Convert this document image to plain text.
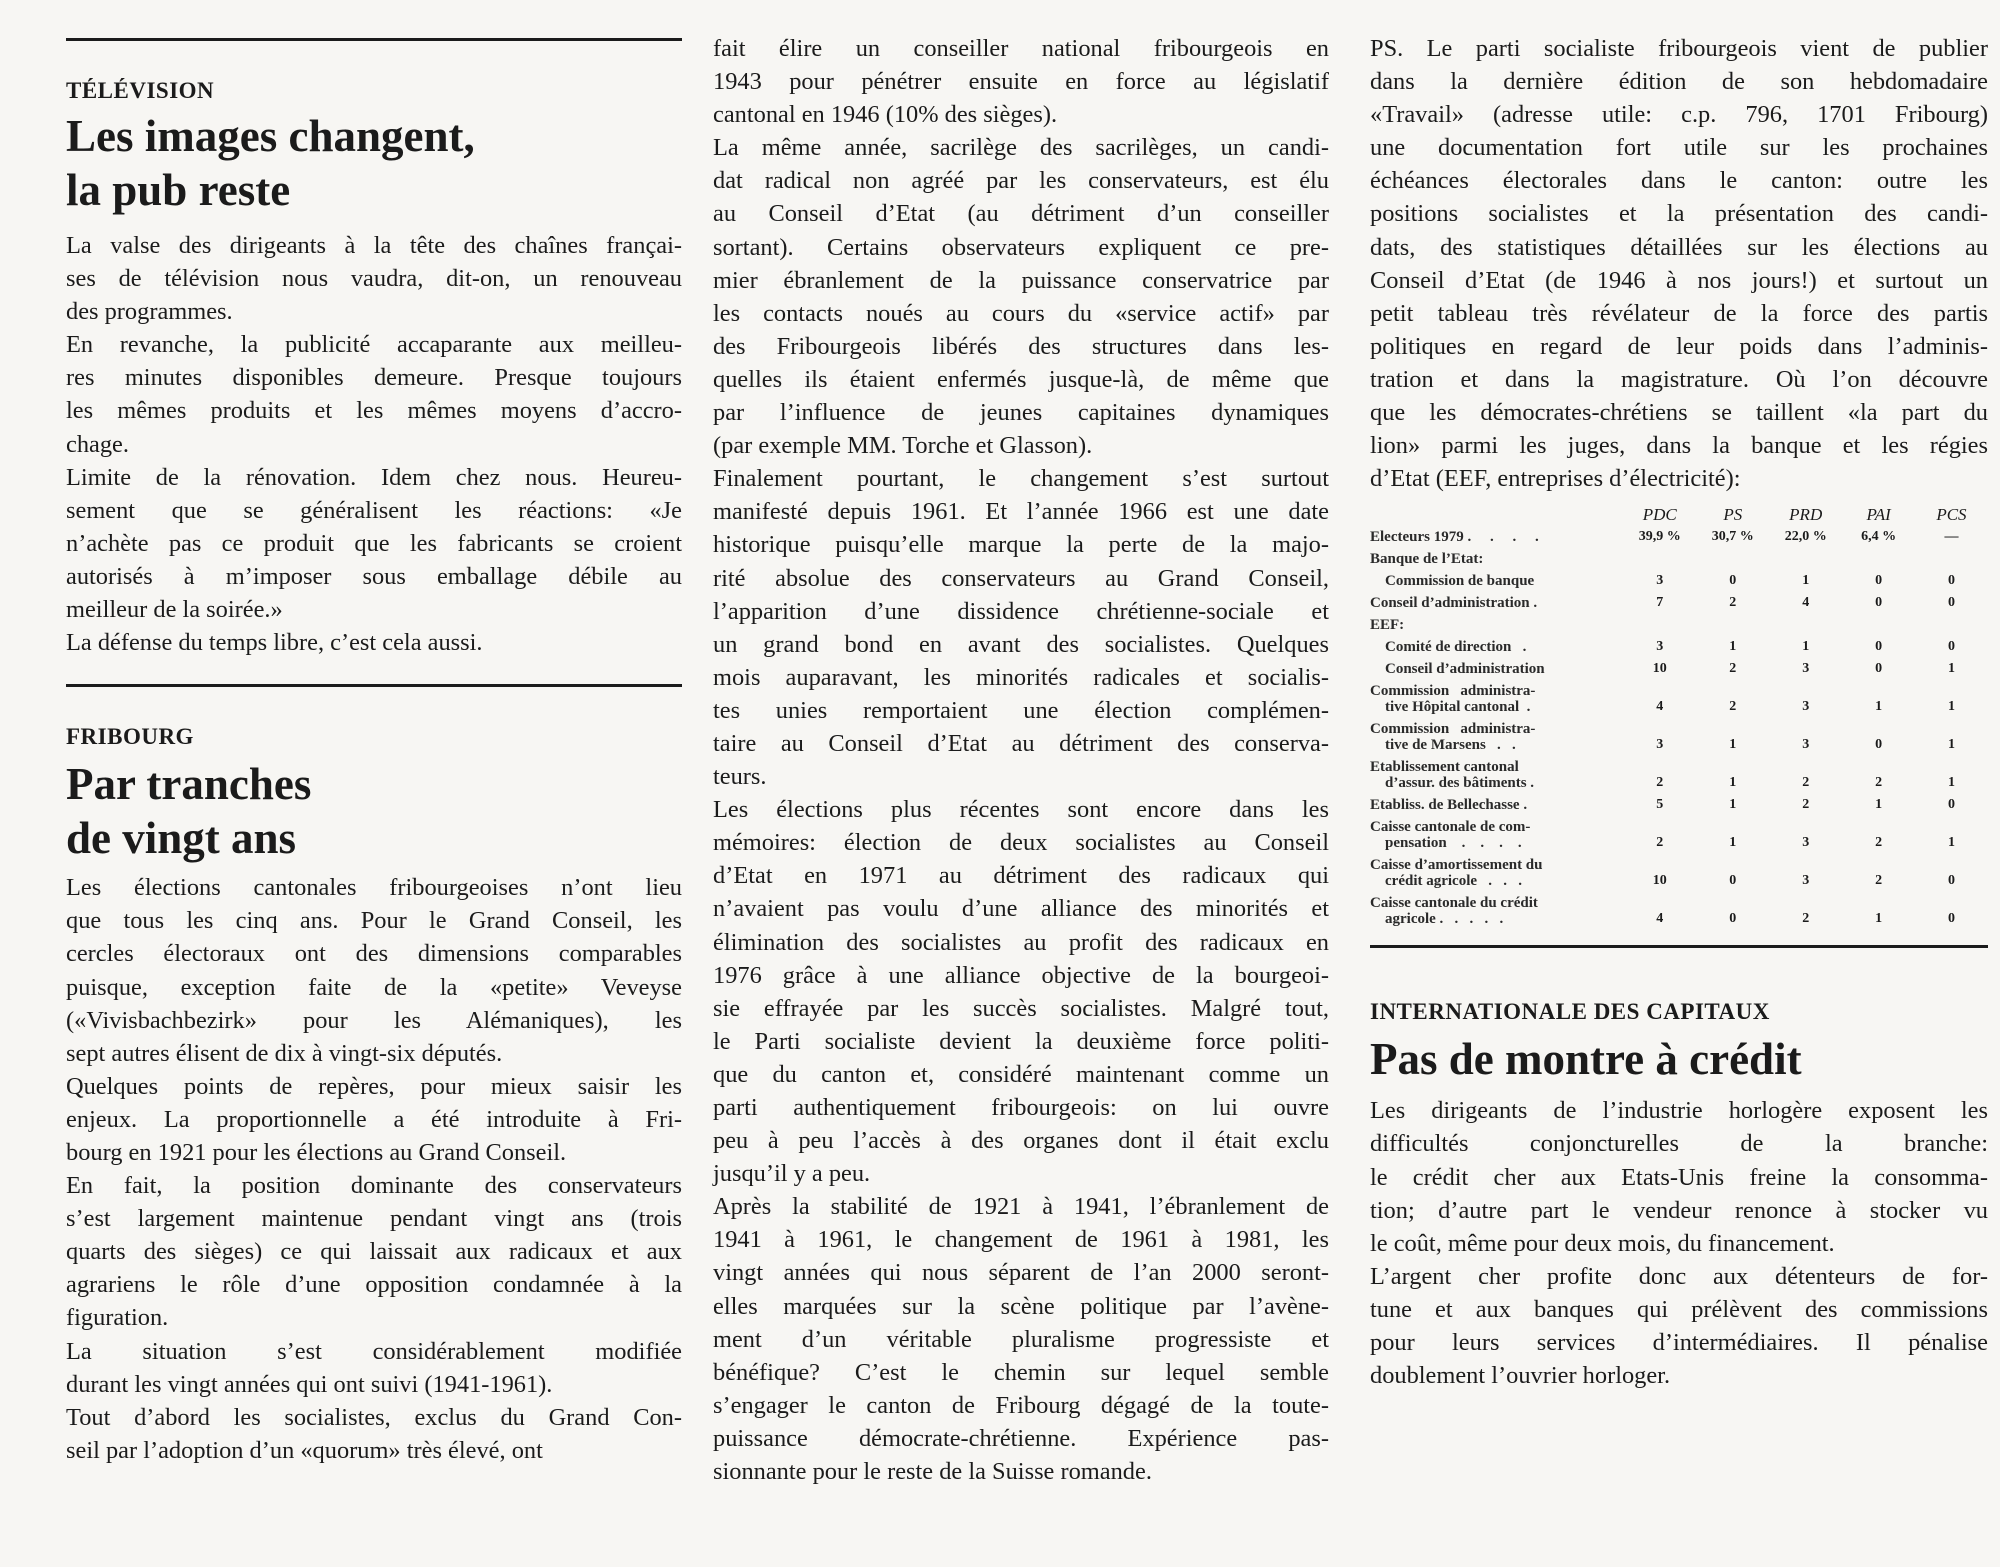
TÉLÉVISION

Les images changent,
la pub reste

La valse des dirigeants à la tête des chaînes françai-

ses de télévision nous vaudra, dit-on, un renouveau

des programmes.

En revanche, la publicité accaparante aux meilleu-

res minutes disponibles demeure. Presque toujours

les mêmes produits et les mêmes moyens d’accro-

chage.

Limite de la rénovation. Idem chez nous. Heureu-

sement que se généralisent les réactions: «Je

n’achète pas ce produit que les fabricants se croient

autorisés à m’imposer sous emballage débile au

meilleur de la soirée.»

La défense du temps libre, c’est cela aussi.

FRIBOURG

Par tranches
de vingt ans

Les élections cantonales fribourgeoises n’ont lieu

que tous les cinq ans. Pour le Grand Conseil, les

cercles électoraux ont des dimensions comparables

puisque, exception faite de la «petite» Veveyse

(«Vivisbachbezirk» pour les Alémaniques), les

sept autres élisent de dix à vingt-six députés.

Quelques points de repères, pour mieux saisir les

enjeux. La proportionnelle a été introduite à Fri-

bourg en 1921 pour les élections au Grand Conseil.

En fait, la position dominante des conservateurs

s’est largement maintenue pendant vingt ans (trois

quarts des sièges) ce qui laissait aux radicaux et aux

agrariens le rôle d’une opposition condamnée à la

figuration.

La situation s’est considérablement modifiée

durant les vingt années qui ont suivi (1941-1961).

Tout d’abord les socialistes, exclus du Grand Con-

seil par l’adoption d’un «quorum» très élevé, ont

fait élire un conseiller national fribourgeois en

1943 pour pénétrer ensuite en force au législatif

cantonal en 1946 (10% des sièges).

La même année, sacrilège des sacrilèges, un candi-

dat radical non agréé par les conservateurs, est élu

au Conseil d’Etat (au détriment d’un conseiller

sortant). Certains observateurs expliquent ce pre-

mier ébranlement de la puissance conservatrice par

les contacts noués au cours du «service actif» par

des Fribourgeois libérés des structures dans les-

quelles ils étaient enfermés jusque-là, de même que

par l’influence de jeunes capitaines dynamiques

(par exemple MM. Torche et Glasson).

Finalement pourtant, le changement s’est surtout

manifesté depuis 1961. Et l’année 1966 est une date

historique puisqu’elle marque la perte de la majo-

rité absolue des conservateurs au Grand Conseil,

l’apparition d’une dissidence chrétienne-sociale et

un grand bond en avant des socialistes. Quelques

mois auparavant, les minorités radicales et socialis-

tes unies remportaient une élection complémen-

taire au Conseil d’Etat au détriment des conserva-

teurs.

Les élections plus récentes sont encore dans les

mémoires: élection de deux socialistes au Conseil

d’Etat en 1971 au détriment des radicaux qui

n’avaient pas voulu d’une alliance des minorités et

élimination des socialistes au profit des radicaux en

1976 grâce à une alliance objective de la bourgeoi-

sie effrayée par les succès socialistes. Malgré tout,

le Parti socialiste devient la deuxième force politi-

que du canton et, considéré maintenant comme un

parti authentiquement fribourgeois: on lui ouvre

peu à peu l’accès à des organes dont il était exclu

jusqu’il y a peu.

Après la stabilité de 1921 à 1941, l’ébranlement de

1941 à 1961, le changement de 1961 à 1981, les

vingt années qui nous séparent de l’an 2000 seront-

elles marquées sur la scène politique par l’avène-

ment d’un véritable pluralisme progressiste et

bénéfique? C’est le chemin sur lequel semble

s’engager le canton de Fribourg dégagé de la toute-

puissance démocrate-chrétienne. Expérience pas-

sionnante pour le reste de la Suisse romande.

PS. Le parti socialiste fribourgeois vient de publier

dans la dernière édition de son hebdomadaire

«Travail» (adresse utile: c.p. 796, 1701 Fribourg)

une documentation fort utile sur les prochaines

échéances électorales dans le canton: outre les

positions socialistes et la présentation des candi-

dats, des statistiques détaillées sur les élections au

Conseil d’Etat (de 1946 à nos jours!) et surtout un

petit tableau très révélateur de la force des partis

politiques en regard de leur poids dans l’adminis-

tration et dans la magistrature. Où l’on découvre

que les démocrates-chrétiens se taillent «la part du

lion» parmi les juges, dans la banque et les régies

d’Etat (EEF, entreprises d’électricité):

	PDC	PS	PRD	PAI	PCS

Electeurs 1979 .     .     .     .	39,9 %	30,7 %	22,0 %	6,4 %	—

Banque de l’Etat:					

Commission de banque	3	0	1	0	0

Conseil d’administration .	7	2	4	0	0

EEF:					

Comité de direction   .	3	1	1	0	0

Conseil d’administration	10	2	3	0	1

Commission   administra-
tive Hôpital cantonal  .	4	2	3	1	1

Commission   administra-
tive de Marsens   .   .	3	1	3	0	1

Etablissement cantonal
d’assur. des bâtiments .	2	1	2	2	1

Etabliss. de Bellechasse .	5	1	2	1	0

Caisse cantonale de com-
pensation    .    .    .    .	2	1	3	2	1

Caisse d’amortissement du
crédit agricole   .   .   .	10	0	3	2	0

Caisse cantonale du crédit
agricole .   .   .   .   .	4	0	2	1	0

INTERNATIONALE DES CAPITAUX

Pas de montre à crédit

Les dirigeants de l’industrie horlogère exposent les

difficultés conjoncturelles de la branche:

le crédit cher aux Etats-Unis freine la consomma-

tion; d’autre part le vendeur renonce à stocker vu

le coût, même pour deux mois, du financement.

L’argent cher profite donc aux détenteurs de for-

tune et aux banques qui prélèvent des commissions

pour leurs services d’intermédiaires. Il pénalise

doublement l’ouvrier horloger.
